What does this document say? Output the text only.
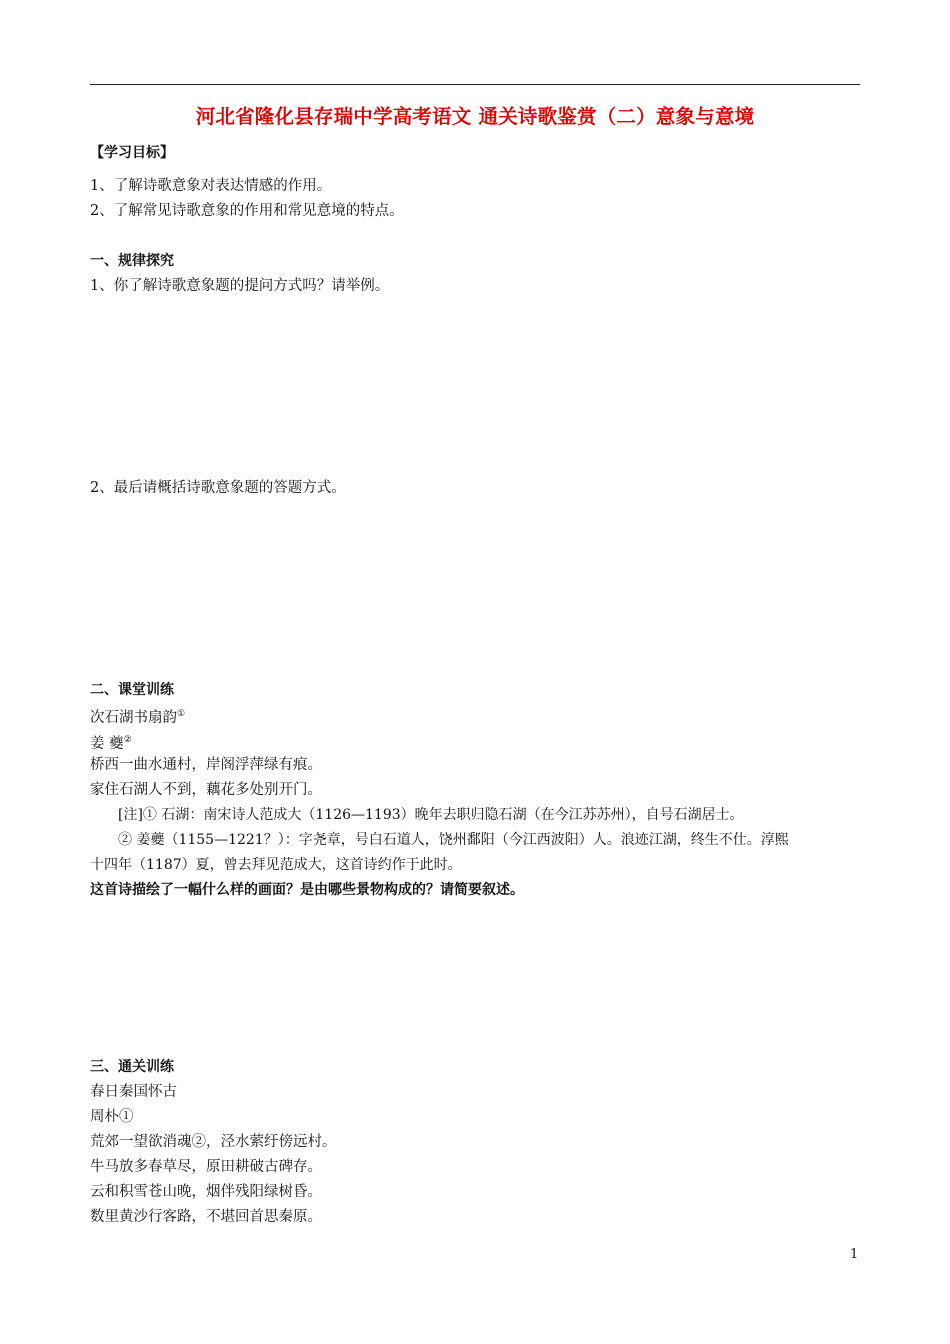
河北省隆化县存瑞中学高考语文 通关诗歌鉴赏（二）意象与意境
【学习目标】
1、了解诗歌意象对表达情感的作用。
2、了解常见诗歌意象的作用和常见意境的特点。
一、规律探究
1、你了解诗歌意象题的提问方式吗？请举例。
2、最后请概括诗歌意象题的答题方式。
二、课堂训练
次石湖书扇韵①
姜 夔②
桥西一曲水通村，岸阁浮萍绿有痕。
家住石湖人不到，藕花多处别开门。
[注]① 石湖：南宋诗人范成大（1126—1193）晚年去职归隐石湖（在今江苏苏州），自号石湖居士。
② 姜夔（1155—1221？）：字尧章，号白石道人，饶州鄱阳（今江西波阳）人。浪迹江湖，终生不仕。淳熙
十四年（1187）夏，曾去拜见范成大，这首诗约作于此时。
这首诗描绘了一幅什么样的画面？是由哪些景物构成的？请简要叙述。
三、通关训练
春日秦国怀古
周朴①
荒郊一望欲消魂②，泾水萦纡傍远村。
牛马放多春草尽，原田耕破古碑存。
云和积雪苍山晚，烟伴残阳绿树昏。
数里黄沙行客路，不堪回首思秦原。
1
